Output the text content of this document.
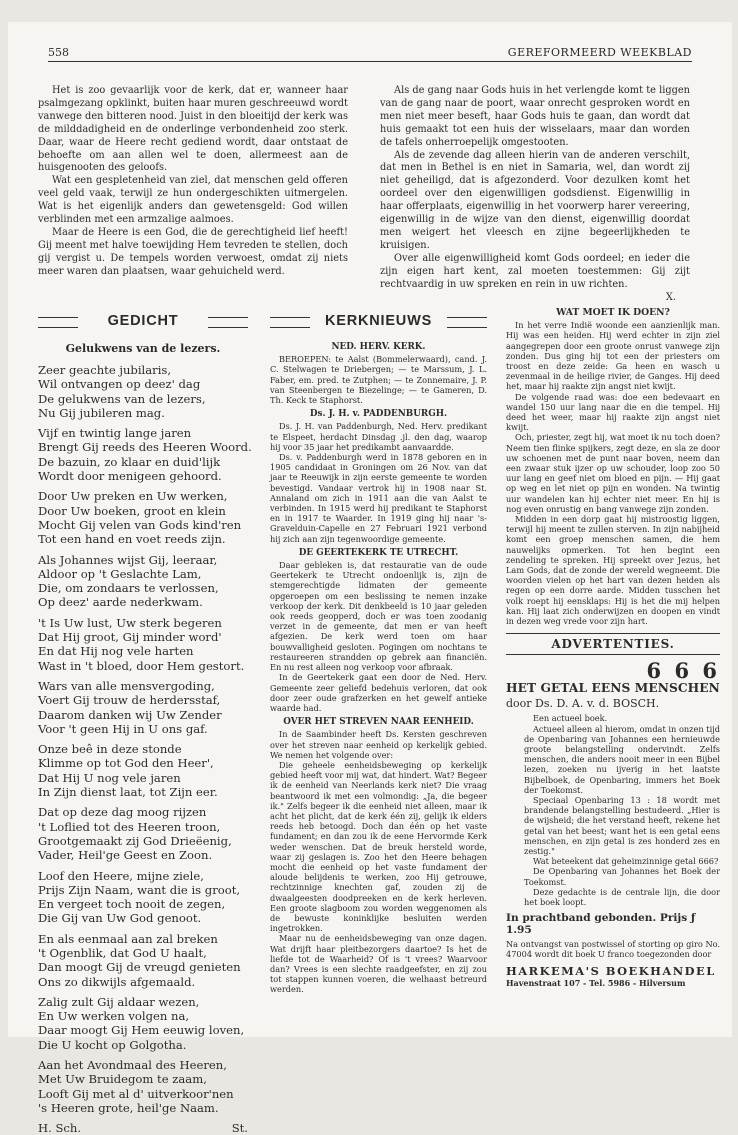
558	GEREFORMEERD WEEKBLAD

Het is zoo gevaarlijk voor de kerk, dat er, wanneer haar psalmgezang opklinkt, buiten haar muren geschreeuwd wordt vanwege den bitteren nood. Juist in den bloeitijd der kerk was de milddadigheid en de onderlinge verbondenheid zoo sterk. Daar, waar de Heere recht gediend wordt, daar ontstaat de behoefte om aan allen wel te doen, allermeest aan de huisgenooten des geloofs.

Wat een gespletenheid van ziel, dat menschen geld offeren veel geld vaak, terwijl ze hun ondergeschikten uitmergelen. Wat is het eigenlijk anders dan gewetensgeld: God willen verblinden met een armzalige aalmoes.

Maar de Heere is een God, die de gerechtigheid lief heeft! Gij meent met halve toewijding Hem tevreden te stellen, doch gij vergist u. De tempels worden verwoest, omdat zij niets meer waren dan plaatsen, waar gehuicheld werd.

Als de gang naar Gods huis in het verlengde komt te liggen van de gang naar de poort, waar onrecht gesproken wordt en men niet meer beseft, haar Gods huis te gaan, dan wordt dat huis gemaakt tot een huis der wisselaars, maar dan worden de tafels onherroepelijk omgestooten.

Als de zevende dag alleen hierin van de anderen verschilt, dat men in Bethel is en niet in Samaria, wel, dan wordt zij niet geheiligd, dat is afgezonderd. Voor dezulken komt het oordeel over den eigenwilligen godsdienst. Eigenwillig in haar offerplaats, eigenwillig in het voorwerp harer vereering, eigenwillig in de wijze van den dienst, eigenwillig doordat men weigert het vleesch en zijne begeerlijkheden te kruisigen.

Over alle eigenwilligheid komt Gods oordeel; en ieder die zijn eigen hart kent, zal moeten toestemmen: Gij zijt rechtvaardig in uw spreken en rein in uw richten.

X.
GEDICHT
Gelukwens van de lezers.
Zeer geachte jubilaris,
Wil ontvangen op deez' dag
De gelukwens van de lezers,
Nu Gij jubileren mag.
Vijf en twintig lange jaren
Brengt Gij reeds des Heeren Woord.
De bazuin, zo klaar en duid'lijk
Wordt door menigeen gehoord.
Door Uw preken en Uw werken,
Door Uw boeken, groot en klein
Mocht Gij velen van Gods kind'ren
Tot een hand en voet reeds zijn.
Als Johannes wijst Gij, leeraar,
Aldoor op 't Geslachte Lam,
Die, om zondaars te verlossen,
Op deez' aarde nederkwam.
't Is Uw lust, Uw sterk begeren
Dat Hij groot, Gij minder word'
En dat Hij nog vele harten
Wast in 't bloed, door Hem gestort.
Wars van alle mensvergoding,
Voert Gij trouw de herdersstaf,
Daarom danken wij Uw Zender
Voor 't geen Hij in U ons gaf.
Onze beê in deze stonde
Klimme op tot God den Heer',
Dat Hij U nog vele jaren
In Zijn dienst laat, tot Zijn eer.
Dat op deze dag moog rijzen
't Loflied tot des Heeren troon,
Grootgemaakt zij God Drieëenig,
Vader, Heil'ge Geest en Zoon.
Loof den Heere, mijne ziele,
Prijs Zijn Naam, want die is groot,
En vergeet toch nooit de zegen,
Die Gij van Uw God genoot.
En als eenmaal aan zal breken
't Ogenblik, dat God U haalt,
Dan moogt Gij de vreugd genieten
Ons zo dikwijls afgemaald.
Zalig zult Gij aldaar wezen,
En Uw werken volgen na,
Daar moogt Gij Hem eeuwig loven,
Die U kocht op Golgotha.
Aan het Avondmaal des Heeren,
Met Uw Bruidegom te zaam,
Looft Gij met al d' uitverkoor'nen
's Heeren grote, heil'ge Naam.
H. Sch.	St.
KERKNIEUWS
NED. HERV. KERK.

BEROEPEN: te Aalst (Bommelerwaard), cand. J. C. Stelwagen te Driebergen; — te Marssum, J. L. Faber, em. pred. te Zutphen; — te Zonnemaire, J. P. van Steenbergen te Biezelinge; — te Gameren, D. Th. Keck te Staphorst.

Ds. J. H. v. PADDENBURGH.

Ds. J. H. van Paddenburgh, Ned. Herv. predikant te Elspeet, herdacht Dinsdag .jl. den dag, waarop hij voor 35 jaar het predikambt aanvaardde.

Ds. v. Paddenburgh werd in 1878 geboren en in 1905 candidaat in Groningen om 26 Nov. van dat jaar te Reeuwijk in zijn eerste gemeente te worden bevestigd. Vandaar vertrok hij in 1908 naar St. Annaland om zich in 1911 aan die van Aalst te verbinden. In 1915 werd hij predikant te Staphorst en in 1917 te Waarder. In 1919 ging hij naar 's-Gravelduin-Capelle en 27 Februari 1921 verbond hij zich aan zijn tegenwoordige gemeente.

DE GEERTEKERK TE UTRECHT.

Daar gebleken is, dat restauratie van de oude Geertekerk te Utrecht ondoenlijk is, zijn de stemgerechtigde lidmaten der gemeente opgeroepen om een beslissing te nemen inzake verkoop der kerk. Dit denkbeeld is 10 jaar geleden ook reeds geopperd, doch er was toen zoodanig verzet in de gemeente, dat men er van heeft afgezien. De kerk werd toen om haar bouwvalligheid gesloten. Pogingen om nochtans te restaureeren strandden op gebrek aan financiën. En nu rest alleen nog verkoop voor afbraak.

In de Geertekerk gaat een door de Ned. Herv. Gemeente zeer geliefd bedehuis verloren, dat ook door zeer oude grafzerken en het gewelf antieke waarde had.

OVER HET STREVEN NAAR EENHEID.

In de Saambinder heeft Ds. Kersten geschreven over het streven naar eenheid op kerkelijk gebied. We nemen het volgende over:

Die geheele eenheidsbeweging op kerkelijk gebied heeft voor mij wat, dat hindert. Wat? Begeer ik de eenheid van Neerlands kerk niet? Die vraag beantwoord ik met een volmondig: „Ja, die begeer ik." Zelfs begeer ik die eenheid niet alleen, maar ik acht het plicht, dat de kerk één zij, gelijk ik elders reeds heb betoogd. Doch dan één op het vaste fundament; en dan zou ik de eene Hervormde Kerk weder wenschen. Dat de breuk hersteld worde, waar zij geslagen is. Zoo het den Heere behagen mocht die eenheid op het vaste fundament der aloude belijdenis te werken, zoo Hij getrouwe, rechtzinnige knechten gaf, zouden zij de dwaalgeesten doodpreeken en de kerk herleven. Een groote slagboom zou worden weggenomen als de bewuste koninklijke besluiten werden ingetrokken.

Maar nu de eenheidsbeweging van onze dagen. Wat drijft haar pleitbezorgers daartoe? Is het de liefde tot de Waarheid? Of is 't vrees? Waarvoor dan? Vrees is een slechte raadgeefster, en zij zou tot stappen kunnen voeren, die welhaast betreurd werden.

WAT MOET IK DOEN?

In het verre Indië woonde een aanzienlijk man. Hij was een heiden. Hij werd echter in zijn ziel aangegrepen door een groote onrust vanwege zijn zonden. Dus ging hij tot een der priesters om troost en deze zeide: Ga heen en wasch u zevenmaal in de heilige rivier, de Ganges. Hij deed het, maar hij raakte zijn angst niet kwijt.

De volgende raad was: doe een bedevaart en wandel 150 uur lang naar die en die tempel. Hij deed het weer, maar hij raakte zijn angst niet kwijt.

Och, priester, zegt hij, wat moet ik nu toch doen? Neem tien flinke spijkers, zegt deze, en sla ze door uw schoenen met de punt naar boven, neem dan een zwaar stuk ijzer op uw schouder, loop zoo 50 uur lang en geef niet om bloed en pijn. — Hij gaat op weg en let niet op pijn en wonden. Na twintig uur wandelen kan hij echter niet meer. En hij is nog even onrustig en bang vanwege zijn zonden.

Midden in een dorp gaat hij mistroostig liggen, terwijl hij meent te zullen sterven. In zijn nabijheid komt een groep menschen samen, die hem nauwelijks opmerken. Tot hen begint een zendeling te spreken. Hij spreekt over Jezus, het Lam Gods, dat de zonde der wereld wegneemt. Die woorden vielen op het hart van dezen heiden als regen op een dorre aarde. Midden tusschen het volk roept hij eensklaps: Hij is het die mij helpen kan. Hij laat zich onderwijzen en doopen en vindt in dezen weg vrede voor zijn hart.

ADVERTENTIES.
6 6 6
HET GETAL EENS MENSCHEN
door Ds. D. A. v. d. BOSCH.

Een actueel boek.

Actueel alleen al hierom, omdat in onzen tijd de Openbaring van Johannes een hernieuwde groote belangstelling ondervindt. Zelfs menschen, die anders nooit meer in een Bijbel lezen, zoeken nu ijverig in het laatste Bijbelboek, de Openbaring, immers het Boek der Toekomst.

Speciaal Openbaring 13 : 18 wordt met brandende belangstelling bestudeerd. „Hier is de wijsheid; die het verstand heeft, rekene het getal van het beest; want het is een getal eens menschen, en zijn getal is zes honderd zes en zestig."

Wat beteekent dat geheimzinnige getal 666?

De Openbaring van Johannes het Boek der Toekomst.

Deze gedachte is de centrale lijn, die door het boek loopt.

In prachtband gebonden. Prijs ƒ 1.95
Na ontvangst van postwissel of storting op giro No. 47004 wordt dit boek U franco toegezonden door
HARKEMA'S BOEKHANDEL
Havenstraat 107 - Tel. 5986 - Hilversum
